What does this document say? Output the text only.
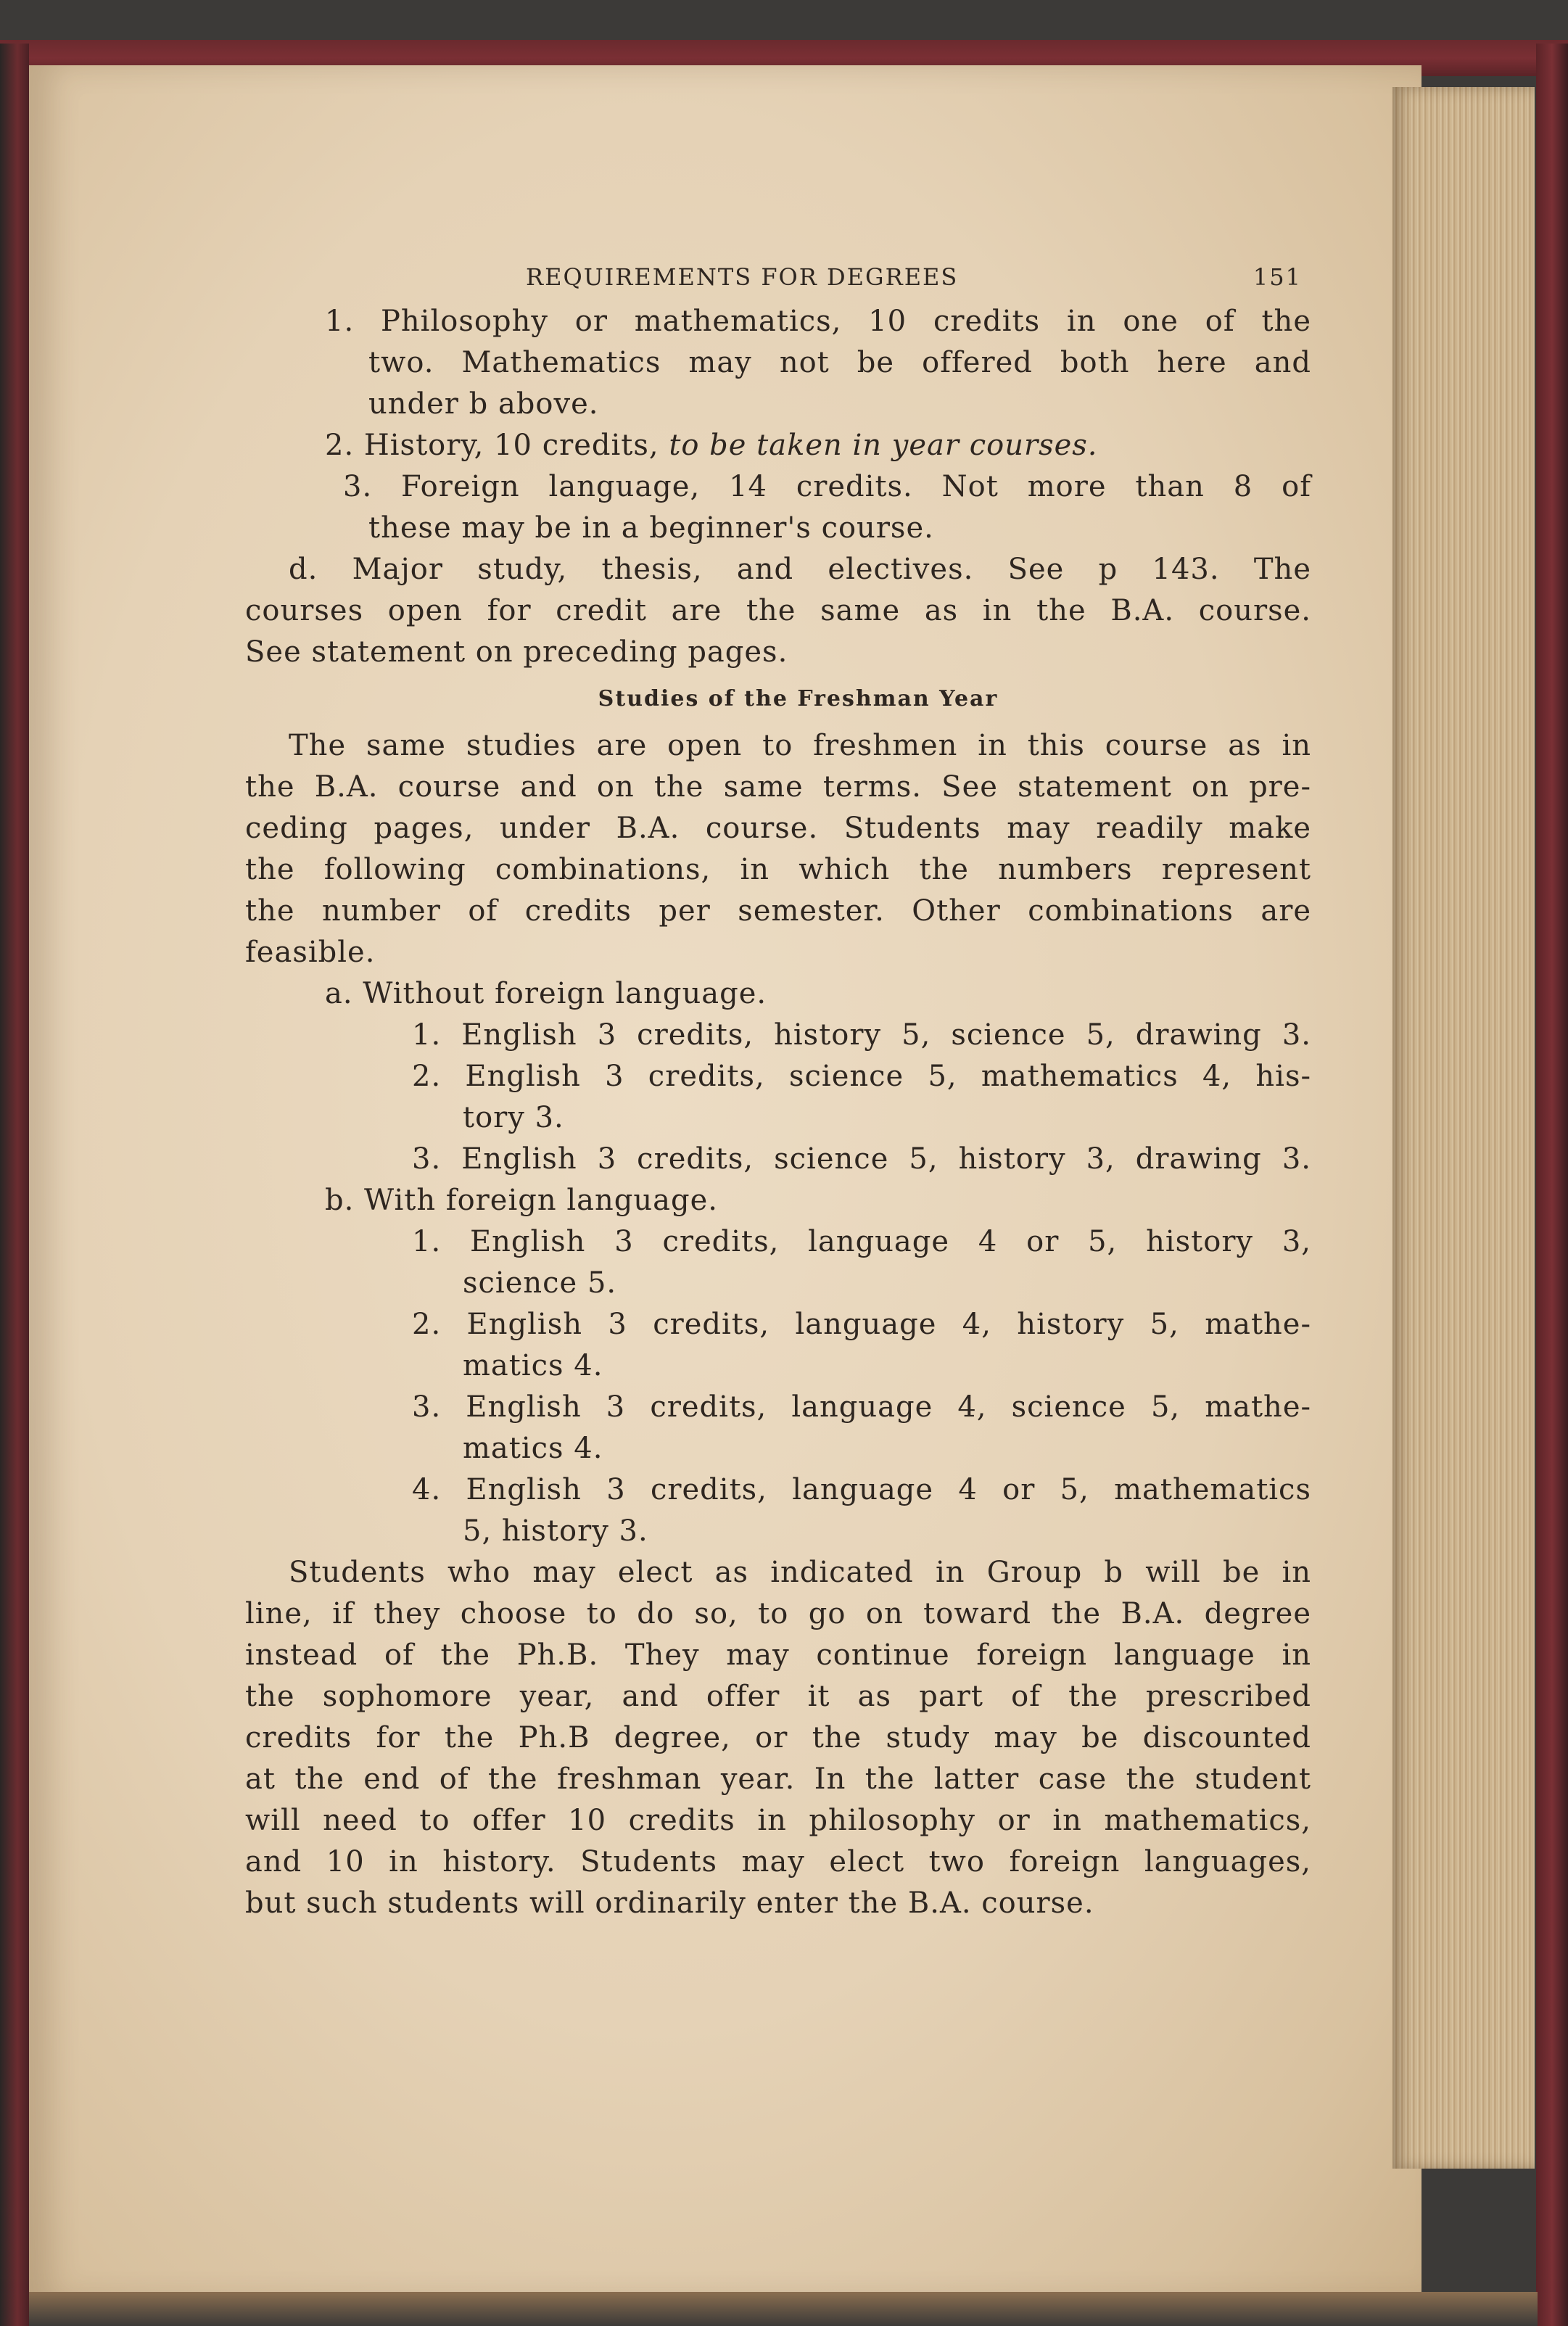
REQUIREMENTS FOR DEGREES	151
1. Philosophy or mathematics, 10 credits in one of the
two. Mathematics may not be offered both here and
under b above.
2. History, 10 credits, to be taken in year courses.
3. Foreign language, 14 credits. Not more than 8 of
these may be in a beginner's course.
d. Major study, thesis, and electives. See p 143. The
courses open for credit are the same as in the B.A. course.
See statement on preceding pages.
Studies of the Freshman Year
The same studies are open to freshmen in this course as in
the B.A. course and on the same terms. See statement on pre-
ceding pages, under B.A. course. Students may readily make
the following combinations, in which the numbers represent
the number of credits per semester. Other combinations are
feasible.
a. Without foreign language.
1. English 3 credits, history 5, science 5, drawing 3.
2. English 3 credits, science 5, mathematics 4, his-
tory 3.
3. English 3 credits, science 5, history 3, drawing 3.
b. With foreign language.
1. English 3 credits, language 4 or 5, history 3,
science 5.
2. English 3 credits, language 4, history 5, mathe-
matics 4.
3. English 3 credits, language 4, science 5, mathe-
matics 4.
4. English 3 credits, language 4 or 5, mathematics
5, history 3.
Students who may elect as indicated in Group b will be in
line, if they choose to do so, to go on toward the B.A. degree
instead of the Ph.B. They may continue foreign language in
the sophomore year, and offer it as part of the prescribed
credits for the Ph.B degree, or the study may be discounted
at the end of the freshman year. In the latter case the student
will need to offer 10 credits in philosophy or in mathematics,
and 10 in history. Students may elect two foreign languages,
but such students will ordinarily enter the B.A. course.
